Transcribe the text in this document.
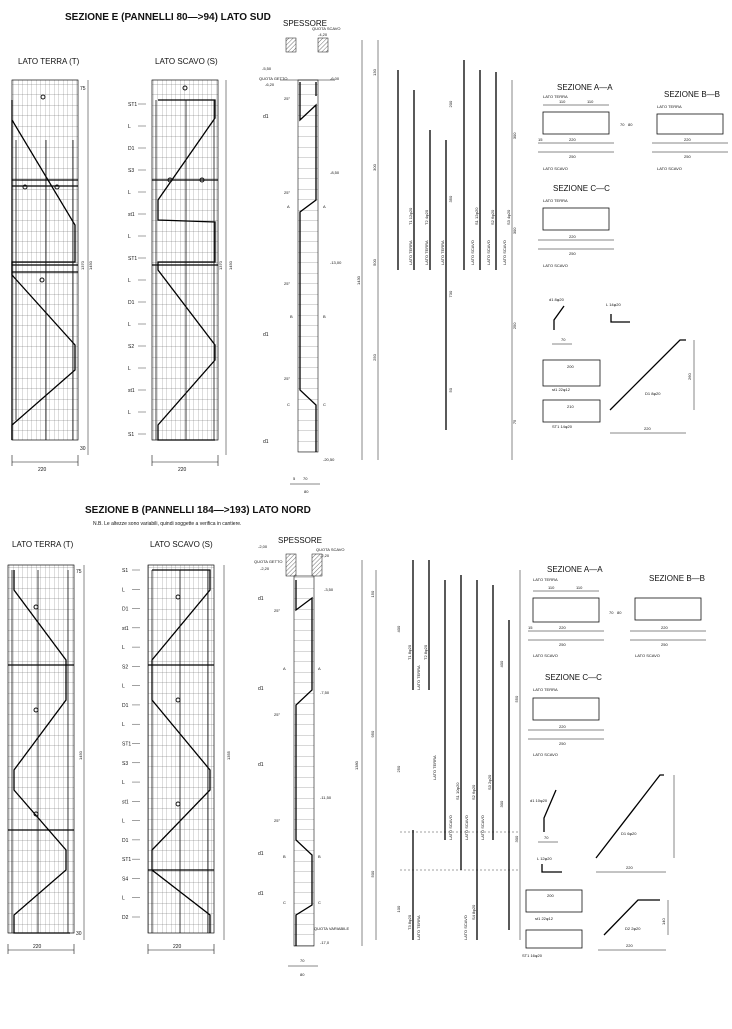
SEZIONE E (PANNELLI 80—>94) LATO SUD
LATO TERRA (T)	LATO SCAVO (S)
SPESSORE
220
75
30
1370 1450
220
1370 1450
ST1
L
D1
S3
L
st1
L
ST1
L
D1
L
S2
L
st1
L
S1
QUOTA SCAVO
-4,20
QUOTA GETTO
-6,20
-5,50
-6,00
-8,50
-13,00
-20,50
25°
25°
25°
25°
d1
d1
d1
A	A
B	B
C	C
5 70
80
1430
T1 12φ20	T2 4φ20
LATO TERRA	LATO TERRA	LATO TERRA
S1 12φ20	S2 6φ20	S3 4φ20
LATO SCAVO	LATO SCAVO	LATO SCAVO
130
200
300
300
350
300
500
730
250
250
50
75
SEZIONE A—A
LATO TERRA
110	110
220
15
250
LATO SCAVO
70 80
SEZIONE B—B
LATO TERRA
220
250
LATO SCAVO
SEZIONE C—C
LATO TERRA
220
250
LATO SCAVO
d1 8φ20
70
L 14φ20
200
st1 22φ12
210
ST1 14φ20
260
D1 8φ20
220
SEZIONE B (PANNELLI 184—>193) LATO NORD
N.B. Le altezze sono variabili, quindi soggette a verifica in cantiere.
LATO TERRA (T)	LATO SCAVO (S)	SPESSORE
220
75
30
1450
220
1355
S1
L
D1
st1
L
S2
L
D1
L
ST1
S3
L
st1
L
D1
ST1
S4
L
D2
-2,00
QUOTA GETTO
-2,20
QUOTA SCAVO
-2,20
-3,50
-7,50
-11,50
QUOTA VARIABILE
-17,0
25°
25°
25°
d1
d1
d1
d1
d1
A	A
B	B
C	C
70
80
1380
T1 8φ20	T2 8φ20
T3 8φ20
LATO TERRA
LATO TERRA
LATO TERRA
S1 10φ20	S2 6φ20
S3 2φ20
S4 8φ20
LATO SCAVO	LATO SCAVO	LATO SCAVO
LATO SCAVO
150
400
400
550
950
250
300
300
500
100
SEZIONE A—A
LATO TERRA
110	110
220
15
250
LATO SCAVO
70 80
SEZIONE B—B
220
250
LATO SCAVO
SEZIONE C—C
LATO TERRA
220
250
LATO SCAVO
d1 10φ20
70
L 12φ20
200
st1 22φ12
ST1 16φ20
D1 6φ20
220
140
D2 2φ20
220
